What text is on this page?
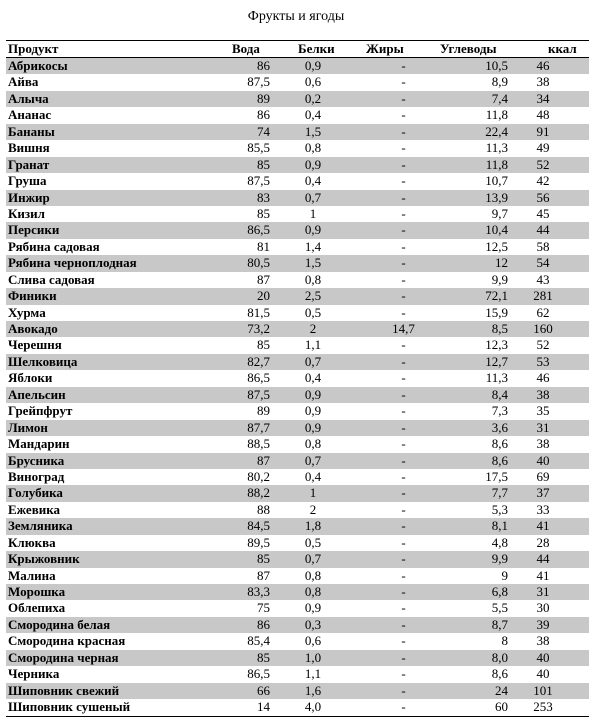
Фрукты и ягоды
Продукт	Вода	Белки	Жиры	Углеводы	ккал
Абрикосы	86	0,9	-	10,5	46
Айва	87,5	0,6	-	8,9	38
Алыча	89	0,2	-	7,4	34
Ананас	86	0,4	-	11,8	48
Бананы	74	1,5	-	22,4	91
Вишня	85,5	0,8	-	11,3	49
Гранат	85	0,9	-	11,8	52
Груша	87,5	0,4	-	10,7	42
Инжир	83	0,7	-	13,9	56
Кизил	85	1	-	9,7	45
Персики	86,5	0,9	-	10,4	44
Рябина садовая	81	1,4	-	12,5	58
Рябина черноплодная	80,5	1,5	-	12	54
Слива садовая	87	0,8	-	9,9	43
Финики	20	2,5	-	72,1	281
Хурма	81,5	0,5	-	15,9	62
Авокадо	73,2	2	14,7	8,5	160
Черешня	85	1,1	-	12,3	52
Шелковица	82,7	0,7	-	12,7	53
Яблоки	86,5	0,4	-	11,3	46
Апельсин	87,5	0,9	-	8,4	38
Грейпфрут	89	0,9	-	7,3	35
Лимон	87,7	0,9	-	3,6	31
Мандарин	88,5	0,8	-	8,6	38
Брусника	87	0,7	-	8,6	40
Виноград	80,2	0,4	-	17,5	69
Голубика	88,2	1	-	7,7	37
Ежевика	88	2	-	5,3	33
Земляника	84,5	1,8	-	8,1	41
Клюква	89,5	0,5	-	4,8	28
Крыжовник	85	0,7	-	9,9	44
Малина	87	0,8	-	9	41
Морошка	83,3	0,8	-	6,8	31
Облепиха	75	0,9	-	5,5	30
Смородина белая	86	0,3	-	8,7	39
Смородина красная	85,4	0,6	-	8	38
Смородина черная	85	1,0	-	8,0	40
Черника	86,5	1,1	-	8,6	40
Шиповник свежий	66	1,6	-	24	101
Шиповник сушеный	14	4,0	-	60	253
